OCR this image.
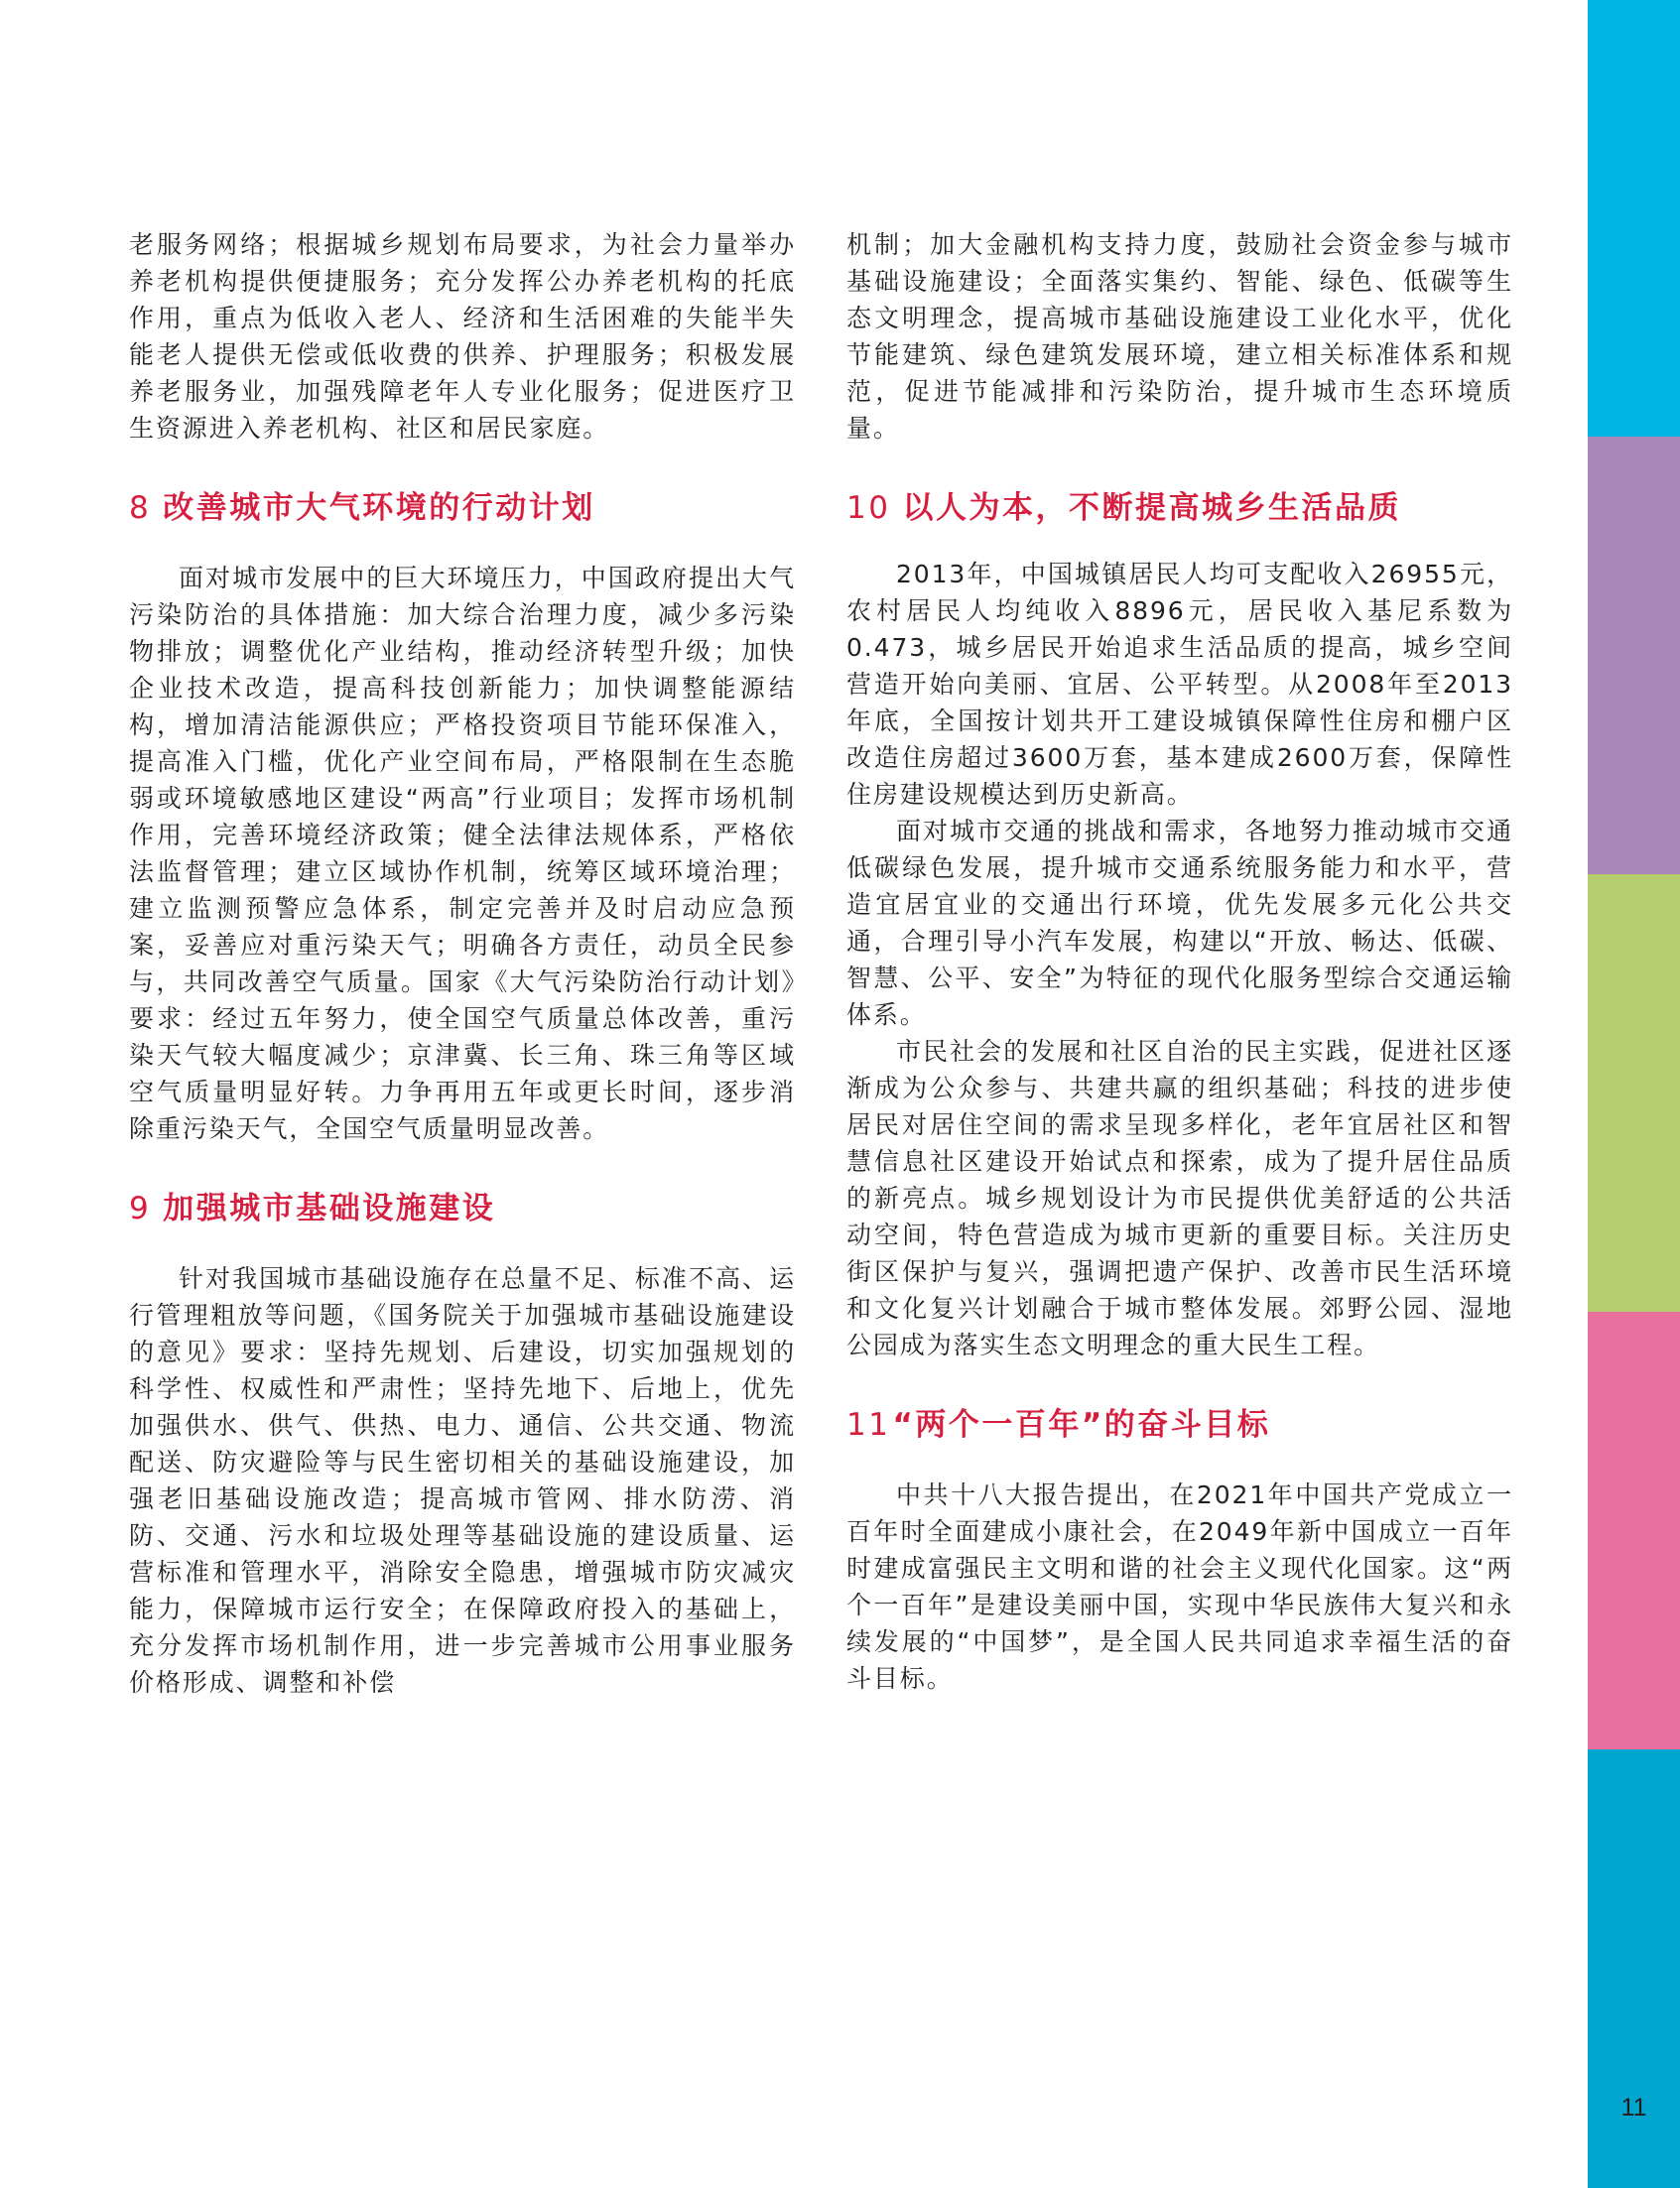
老服务网络；根据城乡规划布局要求，为社会力量举办养老机构提供便捷服务；充分发挥公办养老机构的托底作用，重点为低收入老人、经济和生活困难的失能半失能老人提供无偿或低收费的供养、护理服务；积极发展养老服务业，加强残障老年人专业化服务；促进医疗卫生资源进入养老机构、社区和居民家庭。

8 改善城市大气环境的行动计划

面对城市发展中的巨大环境压力，中国政府提出大气污染防治的具体措施：加大综合治理力度，减少多污染物排放；调整优化产业结构，推动经济转型升级；加快企业技术改造，提高科技创新能力；加快调整能源结构，增加清洁能源供应；严格投资项目节能环保准入，提高准入门槛，优化产业空间布局，严格限制在生态脆弱或环境敏感地区建设“两高”行业项目；发挥市场机制作用，完善环境经济政策；健全法律法规体系，严格依法监督管理；建立区域协作机制，统筹区域环境治理；建立监测预警应急体系，制定完善并及时启动应急预案，妥善应对重污染天气；明确各方责任，动员全民参与，共同改善空气质量。国家《大气污染防治行动计划》要求：经过五年努力，使全国空气质量总体改善，重污染天气较大幅度减少；京津冀、长三角、珠三角等区域空气质量明显好转。力争再用五年或更长时间，逐步消除重污染天气，全国空气质量明显改善。

9 加强城市基础设施建设

针对我国城市基础设施存在总量不足、标准不高、运行管理粗放等问题，《国务院关于加强城市基础设施建设的意见》要求：坚持先规划、后建设，切实加强规划的科学性、权威性和严肃性；坚持先地下、后地上，优先加强供水、供气、供热、电力、通信、公共交通、物流配送、防灾避险等与民生密切相关的基础设施建设，加强老旧基础设施改造；提高城市管网、排水防涝、消防、交通、污水和垃圾处理等基础设施的建设质量、运营标准和管理水平，消除安全隐患，增强城市防灾减灾能力，保障城市运行安全；在保障政府投入的基础上，充分发挥市场机制作用，进一步完善城市公用事业服务价格形成、调整和补偿

机制；加大金融机构支持力度，鼓励社会资金参与城市基础设施建设；全面落实集约、智能、绿色、低碳等生态文明理念，提高城市基础设施建设工业化水平，优化节能建筑、绿色建筑发展环境，建立相关标准体系和规范，促进节能减排和污染防治，提升城市生态环境质量。

10 以人为本，不断提高城乡生活品质

2013年，中国城镇居民人均可支配收入26955元，农村居民人均纯收入8896元，居民收入基尼系数为0.473，城乡居民开始追求生活品质的提高，城乡空间营造开始向美丽、宜居、公平转型。从2008年至2013年底，全国按计划共开工建设城镇保障性住房和棚户区改造住房超过3600万套，基本建成2600万套，保障性住房建设规模达到历史新高。

面对城市交通的挑战和需求，各地努力推动城市交通低碳绿色发展，提升城市交通系统服务能力和水平，营造宜居宜业的交通出行环境，优先发展多元化公共交通，合理引导小汽车发展，构建以“开放、畅达、低碳、智慧、公平、安全”为特征的现代化服务型综合交通运输体系。

市民社会的发展和社区自治的民主实践，促进社区逐渐成为公众参与、共建共赢的组织基础；科技的进步使居民对居住空间的需求呈现多样化，老年宜居社区和智慧信息社区建设开始试点和探索，成为了提升居住品质的新亮点。城乡规划设计为市民提供优美舒适的公共活动空间，特色营造成为城市更新的重要目标。关注历史街区保护与复兴，强调把遗产保护、改善市民生活环境和文化复兴计划融合于城市整体发展。郊野公园、湿地公园成为落实生态文明理念的重大民生工程。

11“两个一百年”的奋斗目标

中共十八大报告提出，在2021年中国共产党成立一百年时全面建成小康社会，在2049年新中国成立一百年时建成富强民主文明和谐的社会主义现代化国家。这“两个一百年”是建设美丽中国，实现中华民族伟大复兴和永续发展的“中国梦”，是全国人民共同追求幸福生活的奋斗目标。

11
